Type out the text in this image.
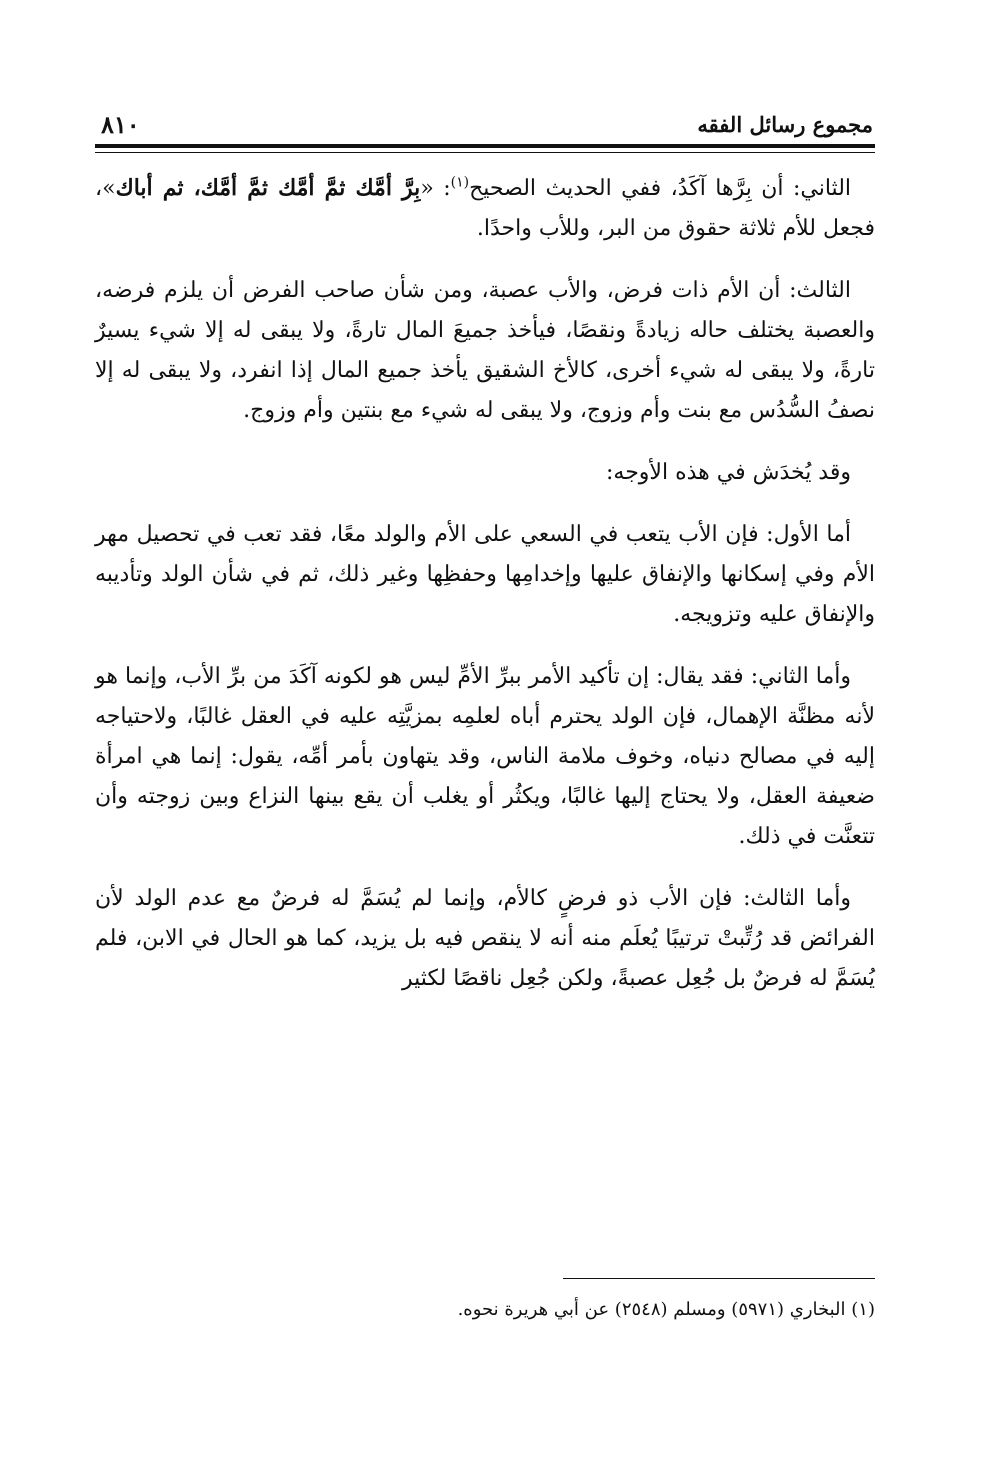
مجموع رسائل الفقه
٨١٠

الثاني: أن بِرَّها آكَدُ، ففي الحديث الصحيح$^{(١)}$: «بِرَّ أمَّك ثمَّ أمَّك ثمَّ أمَّك، ثم أباك»، فجعل للأم ثلاثة حقوق من البر، وللأب واحدًا.

الثالث: أن الأم ذات فرض، والأب عصبة، ومن شأن صاحب الفرض أن يلزم فرضه، والعصبة يختلف حاله زيادةً ونقصًا، فيأخذ جميعَ المال تارةً، ولا يبقى له إلا شيء يسيرٌ تارةً، ولا يبقى له شيء أخرى، كالأخ الشقيق يأخذ جميع المال إذا انفرد، ولا يبقى له إلا نصفُ السُّدُس مع بنت وأم وزوج، ولا يبقى له شيء مع بنتين وأم وزوج.

وقد يُخدَش في هذه الأوجه:

أما الأول: فإن الأب يتعب في السعي على الأم والولد معًا، فقد تعب في تحصيل مهر الأم وفي إسكانها والإنفاق عليها وإخدامِها وحفظِها وغير ذلك، ثم في شأن الولد وتأديبه والإنفاق عليه وتزويجه.

وأما الثاني: فقد يقال: إن تأكيد الأمر ببرِّ الأمِّ ليس هو لكونه آكَدَ من برِّ الأب، وإنما هو لأنه مظنَّة الإهمال، فإن الولد يحترم أباه لعلمِه بمزيَّتِه عليه في العقل غالبًا، ولاحتياجه إليه في مصالح دنياه، وخوف ملامة الناس، وقد يتهاون بأمر أمِّه، يقول: إنما هي امرأة ضعيفة العقل، ولا يحتاج إليها غالبًا، ويكثُر أو يغلب أن يقع بينها النزاع وبين زوجته وأن تتعنَّت في ذلك.

وأما الثالث: فإن الأب ذو فرضٍ كالأم، وإنما لم يُسَمَّ له فرضٌ مع عدم الولد لأن الفرائض قد رُتِّبتْ ترتيبًا يُعلَم منه أنه لا ينقص فيه بل يزيد، كما هو الحال في الابن، فلم يُسَمَّ له فرضٌ بل جُعِل عصبةً، ولكن جُعِل ناقصًا لكثير

(١) البخاري (٥٩٧١) ومسلم (٢٥٤٨) عن أبي هريرة نحوه.
